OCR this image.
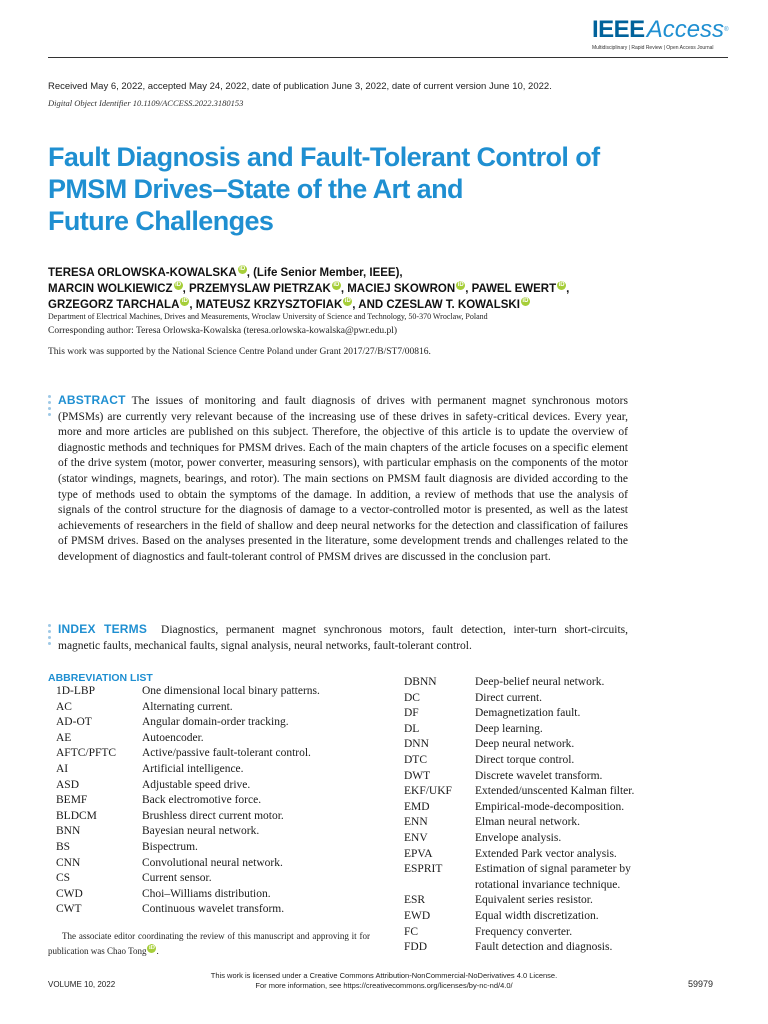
IEEEAccess®
Multidisciplinary | Rapid Review | Open Access Journal
Received May 6, 2022, accepted May 24, 2022, date of publication June 3, 2022, date of current version June 10, 2022.
Digital Object Identifier 10.1109/ACCESS.2022.3180153
Fault Diagnosis and Fault-Tolerant Control of
PMSM Drives–State of the Art and
Future Challenges
TERESA ORLOWSKA-KOWALSKA iD , (Life Senior Member, IEEE),
MARCIN WOLKIEWICZ iD , PRZEMYSLAW PIETRZAK iD , MACIEJ SKOWRON iD , PAWEL EWERT iD ,
GRZEGORZ TARCHALA iD , MATEUSZ KRZYSZTOFIAK iD , AND CZESLAW T. KOWALSKI iD
Department of Electrical Machines, Drives and Measurements, Wroclaw University of Science and Technology, 50-370 Wroclaw, Poland
Corresponding author: Teresa Orlowska-Kowalska (teresa.orlowska-kowalska@pwr.edu.pl)
This work was supported by the National Science Centre Poland under Grant 2017/27/B/ST7/00816.
ABSTRACT The issues of monitoring and fault diagnosis of drives with permanent magnet synchronous motors (PMSMs) are currently very relevant because of the increasing use of these drives in safety-critical devices. Every year, more and more articles are published on this subject. Therefore, the objective of this article is to update the overview of diagnostic methods and techniques for PMSM drives. Each of the main chapters of the article focuses on a specific element of the drive system (motor, power converter, measuring sensors), with particular emphasis on the components of the motor (stator windings, magnets, bearings, and rotor). The main sections on PMSM fault diagnosis are divided according to the type of methods used to obtain the symptoms of the damage. In addition, a review of methods that use the analysis of signals of the control structure for the diagnosis of damage to a vector-controlled motor is presented, as well as the latest achievements of researchers in the field of shallow and deep neural networks for the detection and classification of failures of PMSM drives. Based on the analyses presented in the literature, some development trends and challenges related to the development of diagnostics and fault-tolerant control of PMSM drives are discussed in the conclusion part.
INDEX TERMS Diagnostics, permanent magnet synchronous motors, fault detection, inter-turn short-circuits, magnetic faults, mechanical faults, signal analysis, neural networks, fault-tolerant control.
ABBREVIATION LIST
1D-LBP	One dimensional local binary patterns.
AC	Alternating current.
AD-OT	Angular domain-order tracking.
AE	Autoencoder.
AFTC/PFTC Active/passive fault-tolerant control.
AI	Artificial intelligence.
ASD	Adjustable speed drive.
BEMF	Back electromotive force.
BLDCM	Brushless direct current motor.
BNN	Bayesian neural network.
BS	Bispectrum.
CNN	Convolutional neural network.
CS	Current sensor.
CWD	Choi–Williams distribution.
CWT	Continuous wavelet transform.
DBNN	Deep-belief neural network.
DC	Direct current.
DF	Demagnetization fault.
DL	Deep learning.
DNN	Deep neural network.
DTC	Direct torque control.
DWT	Discrete wavelet transform.
EKF/UKF Extended/unscented Kalman filter.
EMD	Empirical-mode-decomposition.
ENN	Elman neural network.
ENV	Envelope analysis.
EPVA	Extended Park vector analysis.
ESPRIT	Estimation of signal parameter by
rotational invariance technique.
ESR	Equivalent series resistor.
EWD	Equal width discretization.
FC	Frequency converter.
FDD	Fault detection and diagnosis.
The associate editor coordinating the review of this manuscript and approving it for publication was Chao Tong iD .
This work is licensed under a Creative Commons Attribution-NonCommercial-NoDerivatives 4.0 License.
For more information, see https://creativecommons.org/licenses/by-nc-nd/4.0/
VOLUME 10, 2022	59979
